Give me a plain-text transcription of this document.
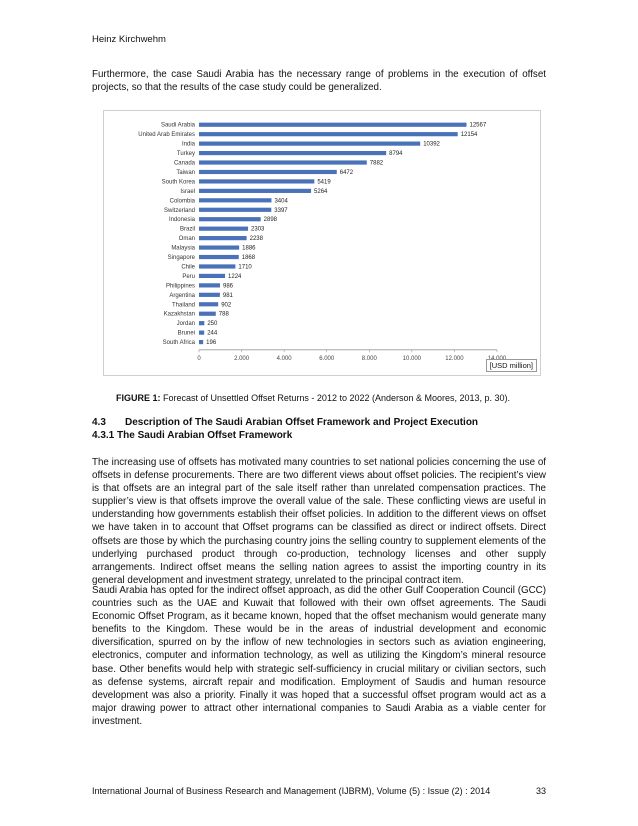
Heinz Kirchwehm

Furthermore, the case Saudi Arabia has the necessary range of problems in the execution of offset projects, so that the results of the case study could be generalized.

0	2.000	4.000	6.000	8.000	10.000	12.000
Saudi Arabia	12567
United Arab Emirates	12154
India	10392
Turkey	8794
Canada	7882
Taiwan	6472
South Korea	5419
Israel	5264
Colombia	3404
Switzerland	3397
Indonesia	2898
Brazil	2303
Oman	2238
Malaysia	1886
Singapore	1868
Chile	1710
Peru	1224
Philippines	986
Argentina	981
Thailand	902
Kazakhstan	788
Jordan 250
Brunei 244
South Africa 196
[USD million]
FIGURE 1: Forecast of Unsettled Offset Returns - 2012 to 2022 (Anderson & Moores, 2013, p. 30).
4.3 Description of The Saudi Arabian Offset Framework and Project Execution
4.3.1 The Saudi Arabian Offset Framework

The increasing use of offsets has motivated many countries to set national policies concerning the use of offsets in defense procurements. There are two different views about offset policies. The recipient’s view is that offsets are an integral part of the sale itself rather than unrelated compensation practices. The supplier’s view is that offsets improve the overall value of the sale. These conflicting views are useful in understanding how governments establish their offset policies. In addition to the different views on offset we have taken in to account that Offset programs can be classified as direct or indirect offsets. Direct offsets are those by which the purchasing country joins the selling country to supplement elements of the underlying purchased product through co-production, technology licenses and other supply arrangements. Indirect offset means the selling nation agrees to assist the importing country in its general development and investment strategy, unrelated to the principal contract item.

Saudi Arabia has opted for the indirect offset approach, as did the other Gulf Cooperation Council (GCC) countries such as the UAE and Kuwait that followed with their own offset agreements. The Saudi Economic Offset Program, as it became known, hoped that the offset mechanism would generate many benefits to the Kingdom. These would be in the areas of industrial development and economic diversification, spurred on by the inflow of new technologies in sectors such as aviation engineering, electronics, computer and information technology, as well as utilizing the Kingdom’s mineral resource base. Other benefits would help with strategic self-sufficiency in crucial military or civilian sectors, such as defense systems, aircraft repair and modification. Employment of Saudis and human resource development was also a priority. Finally it was hoped that a successful offset program would act as a major drawing power to attract other international companies to Saudi Arabia as a viable center for investment.

International Journal of Business Research and Management (IJBRM), Volume (5) : Issue (2) : 2014	33
